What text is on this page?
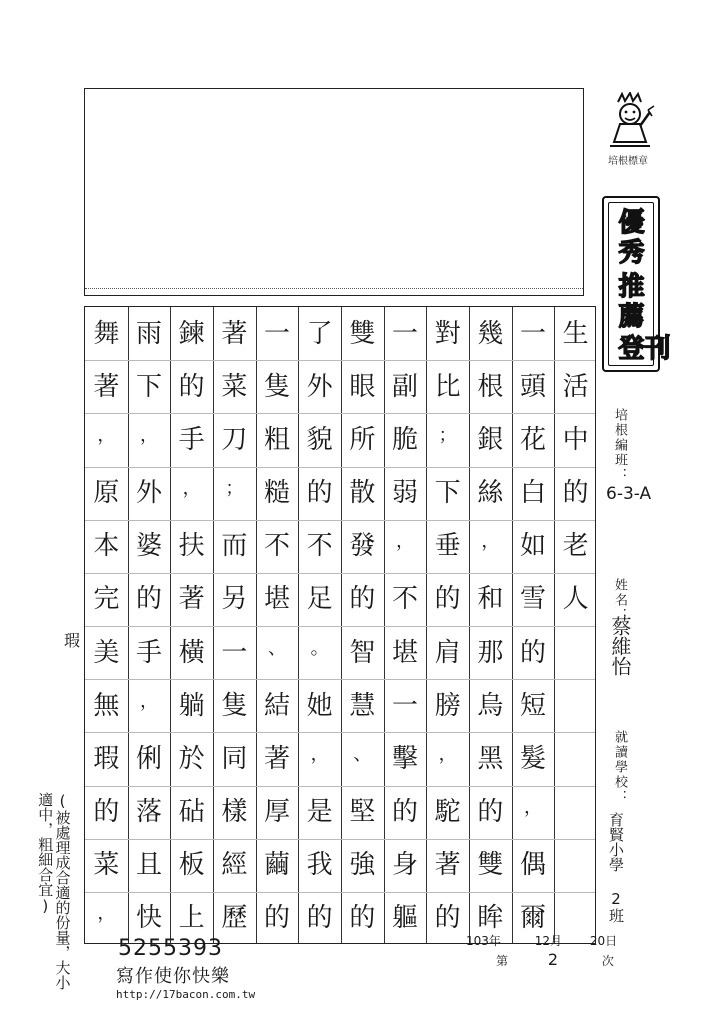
培根標章
優秀
推薦
刊登
培根編班：
6-3-A
姓名：
蔡維怡
就讀學校：
育賢小學 2班
生
活
中
的
老
人
一
頭
花
白
如
雪
的
短
髮
，
偶
爾
幾
根
銀
絲
，
和
那
烏
黑
的
雙
眸
對
比
；
下
垂
的
肩
膀
，
駝
著
的
一
副
脆
弱
，
不
堪
一
擊
的
身
軀
雙
眼
所
散
發
的
智
慧
、
堅
強
的
了
外
貌
的
不
足
。
她
，
是
我
的
一
隻
粗
糙
不
堪
、
結
著
厚
繭
的
著
菜
刀
；
而
另
一
隻
同
樣
經
歷
鍊
的
手
，
扶
著
橫
躺
於
砧
板
上
雨
下
，
外
婆
的
手
，
俐
落
且
快
舞
著
，
原
本
完
美
無
瑕
的
菜
，
瑕
(被處理成合適的份量，大小適中，粗細合宜)
103年	12月 20日
第 2	次
5255393
寫作使你快樂
http://17bacon.com.tw
